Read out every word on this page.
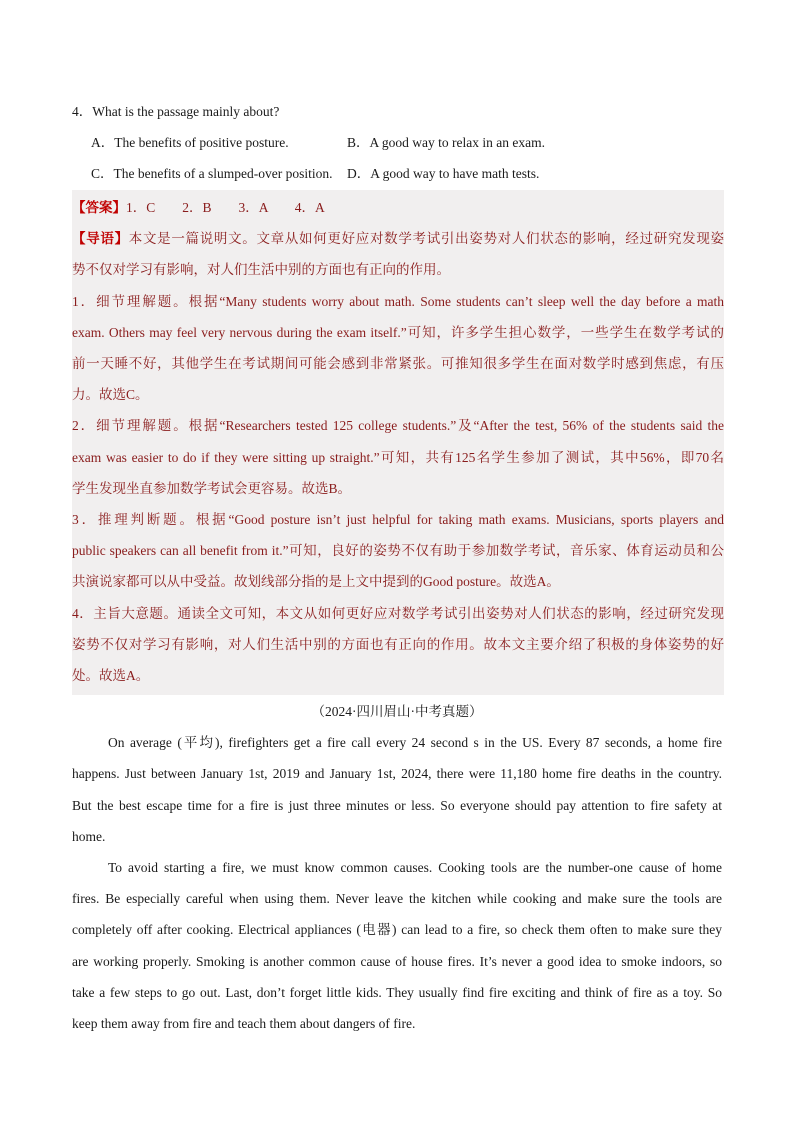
4．What is the passage mainly about?
A．The benefits of positive posture.	B．A good way to relax in an exam.
C．The benefits of a slumped-over position.	D．A good way to have math tests.
【答案】1．C　　2．B　　3．A　　4．A
【导语】本文是一篇说明文。文章从如何更好应对数学考试引出姿势对人们状态的影响，经过研究发现姿
势不仅对学习有影响，对人们生活中别的方面也有正向的作用。
1．细节理解题。根据“Many students worry about math. Some students can’t sleep well the day before a math
exam. Others may feel very nervous during the exam itself.”可知，许多学生担心数学，一些学生在数学考试的
前一天睡不好，其他学生在考试期间可能会感到非常紧张。可推知很多学生在面对数学时感到焦虑，有压
力。故选C。
2．细节理解题。根据“Researchers tested 125 college students.”及“After the test, 56% of the students said the
exam was easier to do if they were sitting up straight.”可知，共有125名学生参加了测试，其中56%，即70名
学生发现坐直参加数学考试会更容易。故选B。
3．推理判断题。根据“Good posture isn’t just helpful for taking math exams. Musicians, sports players and
public speakers can all benefit from it.”可知，良好的姿势不仅有助于参加数学考试，音乐家、体育运动员和公
共演说家都可以从中受益。故划线部分指的是上文中提到的Good posture。故选A。
4．主旨大意题。通读全文可知，本文从如何更好应对数学考试引出姿势对人们状态的影响，经过研究发现
姿势不仅对学习有影响，对人们生活中别的方面也有正向的作用。故本文主要介绍了积极的身体姿势的好
处。故选A。
（2024·四川眉山·中考真题）
On average (平均), firefighters get a fire call every 24 second s in the US. Every 87 seconds, a home fire
happens. Just between January 1st, 2019 and January 1st, 2024, there were 11,180 home fire deaths in the country.
But the best escape time for a fire is just three minutes or less. So everyone should pay attention to fire safety at
home.
To avoid starting a fire, we must know common causes. Cooking tools are the number-one cause of home
fires. Be especially careful when using them. Never leave the kitchen while cooking and make sure the tools are
completely off after cooking. Electrical appliances (电器) can lead to a fire, so check them often to make sure they
are working properly. Smoking is another common cause of house fires. It’s never a good idea to smoke indoors, so
take a few steps to go out. Last, don’t forget little kids. They usually find fire exciting and think of fire as a toy. So
keep them away from fire and teach them about dangers of fire.
